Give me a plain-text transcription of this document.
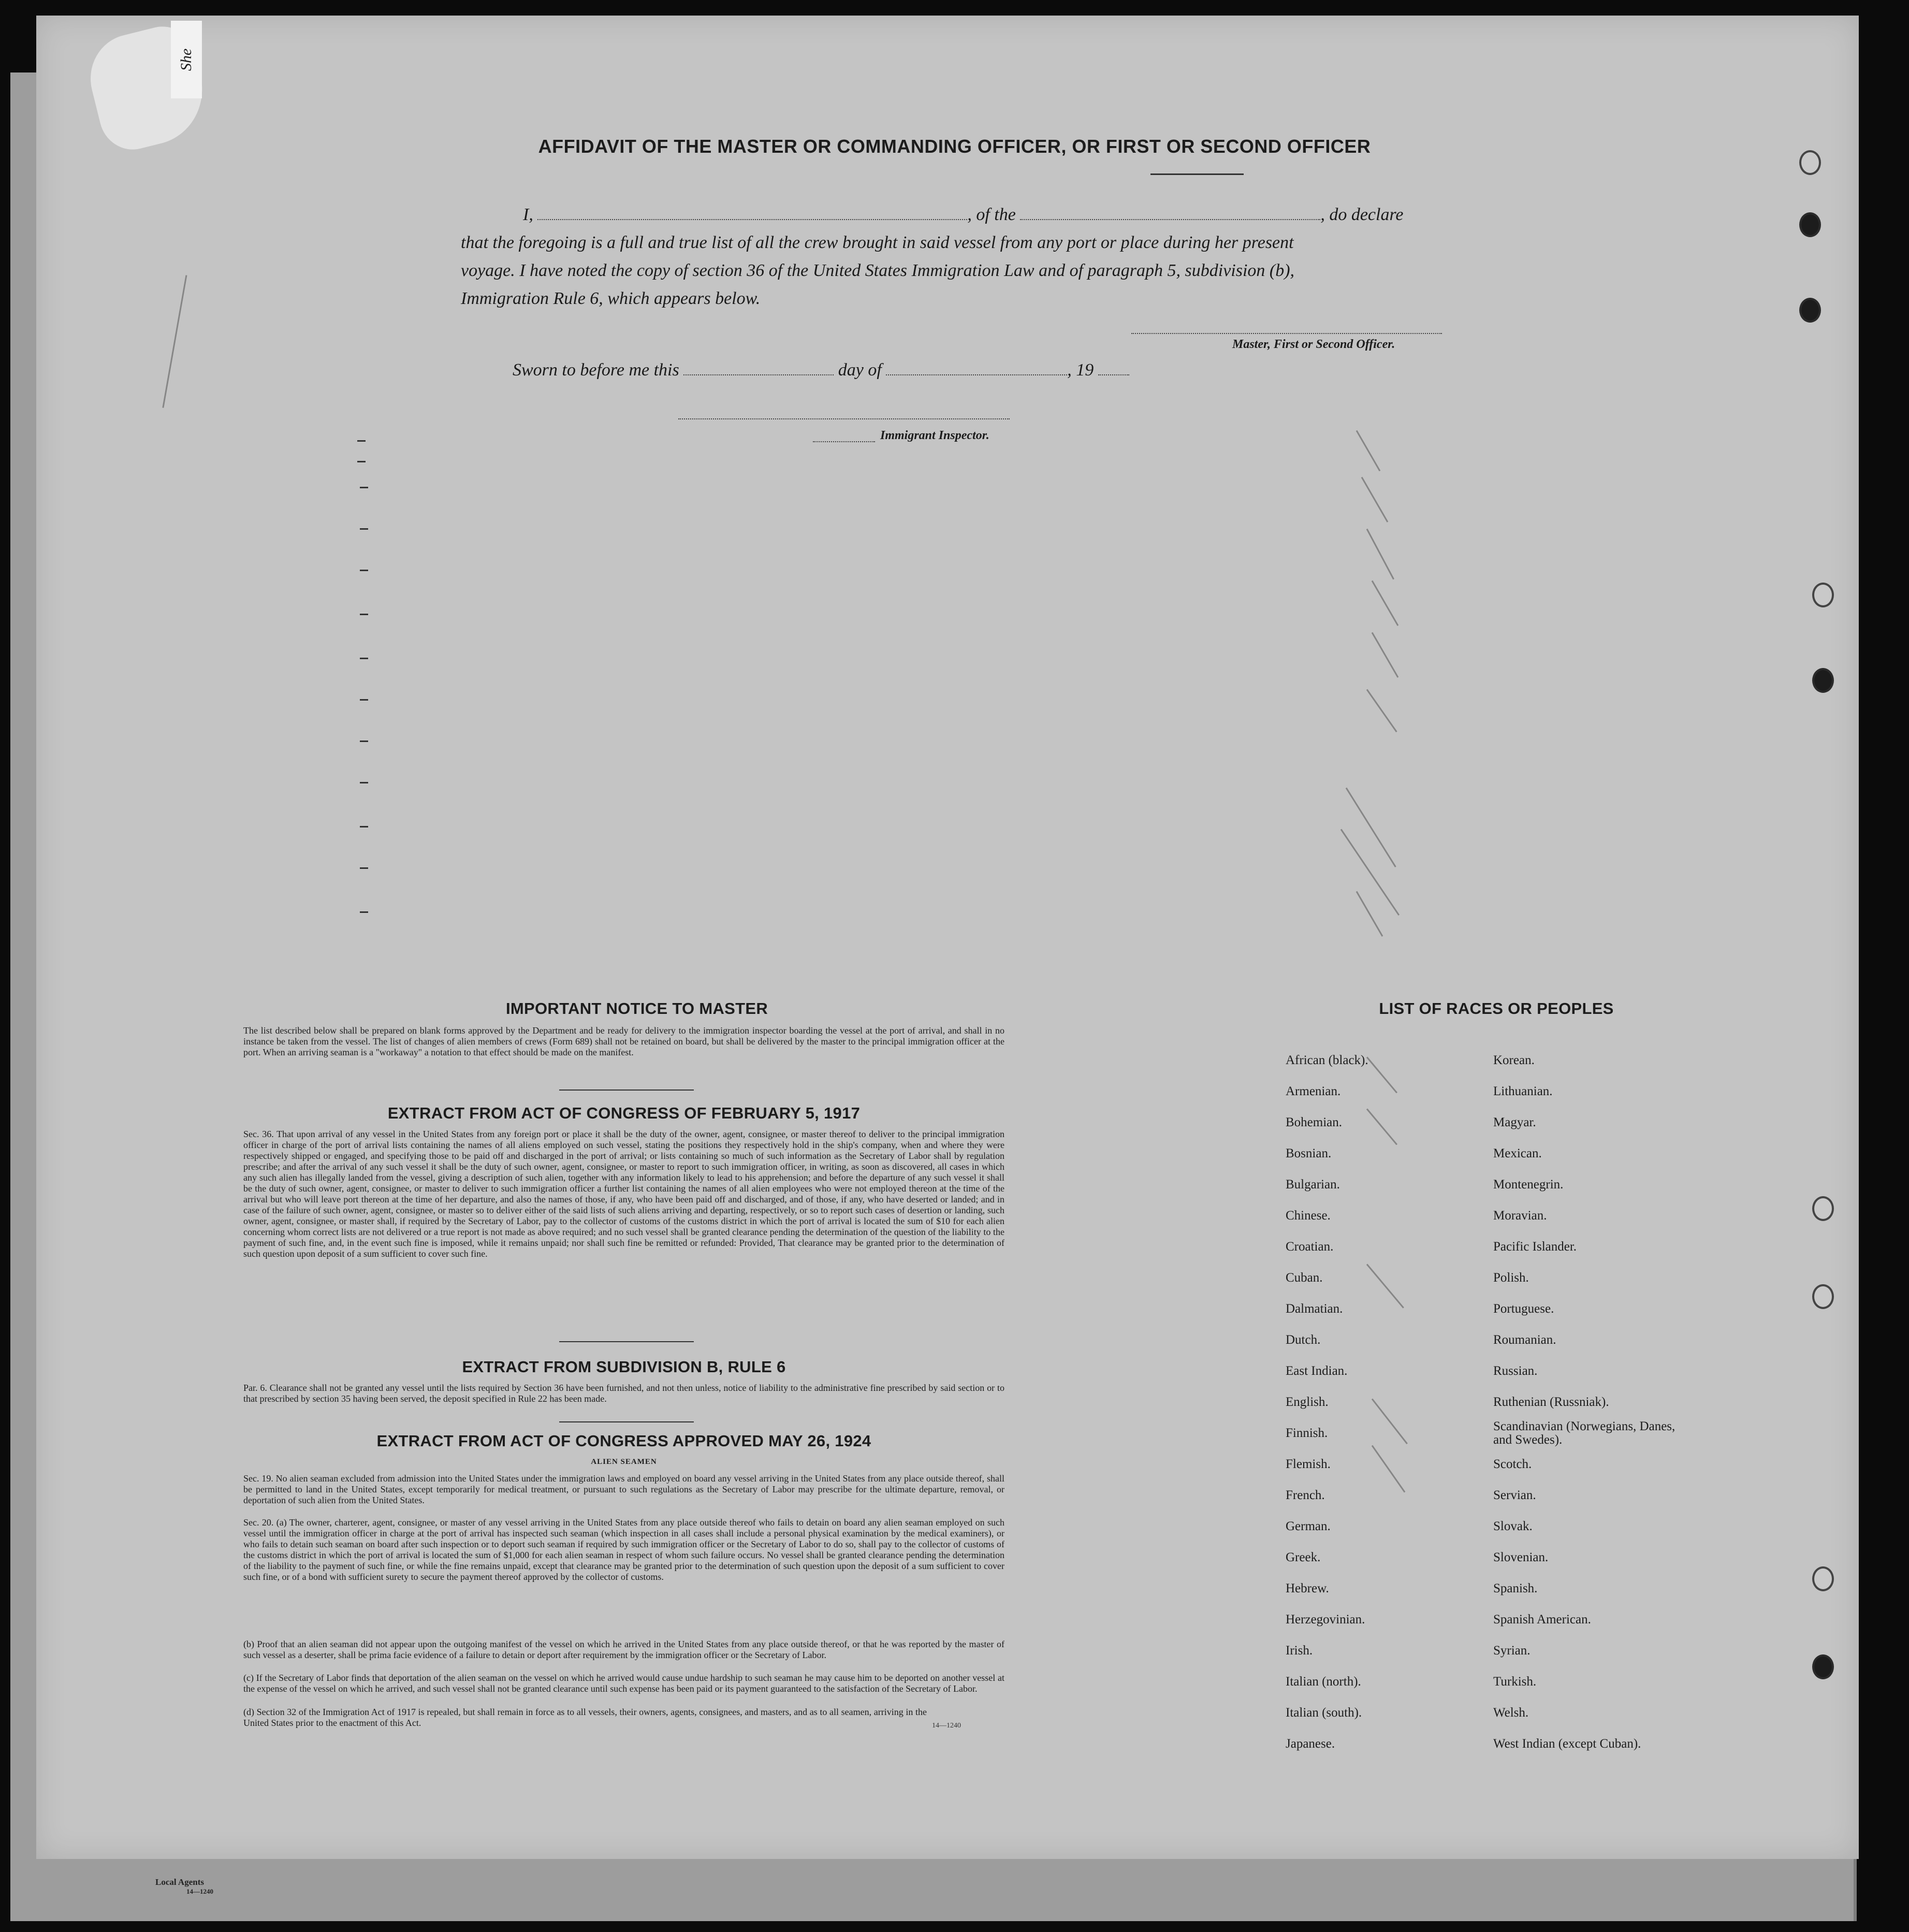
She
AFFIDAVIT OF THE MASTER OR COMMANDING OFFICER, OR FIRST OR SECOND OFFICER
I,	, of the	, do declare
that the foregoing is a full and true list of all the crew brought in said vessel from any port or place during her present
voyage. I have noted the copy of section 36 of the United States Immigration Law and of paragraph 5, subdivision (b),
Immigration Rule 6, which appears below.
Master, First or Second Officer.
Sworn to before me this	day of	, 19
Immigrant Inspector.
IMPORTANT NOTICE TO MASTER
The list described below shall be prepared on blank forms approved by the Department and be ready for delivery to the immigration inspector boarding the vessel at the port of arrival, and shall in no instance be taken from the vessel. The list of changes of alien members of crews (Form 689) shall not be retained on board, but shall be delivered by the master to the principal immigration officer at the port. When an arriving seaman is a "workaway" a notation to that effect should be made on the manifest.
EXTRACT FROM ACT OF CONGRESS OF FEBRUARY 5, 1917
Sec. 36. That upon arrival of any vessel in the United States from any foreign port or place it shall be the duty of the owner, agent, consignee, or master thereof to deliver to the principal immigration officer in charge of the port of arrival lists containing the names of all aliens employed on such vessel, stating the positions they respectively hold in the ship's company, when and where they were respectively shipped or engaged, and specifying those to be paid off and discharged in the port of arrival; or lists containing so much of such information as the Secretary of Labor shall by regulation prescribe; and after the arrival of any such vessel it shall be the duty of such owner, agent, consignee, or master to report to such immigration officer, in writing, as soon as discovered, all cases in which any such alien has illegally landed from the vessel, giving a description of such alien, together with any information likely to lead to his apprehension; and before the departure of any such vessel it shall be the duty of such owner, agent, consignee, or master to deliver to such immigration officer a further list containing the names of all alien employees who were not employed thereon at the time of the arrival but who will leave port thereon at the time of her departure, and also the names of those, if any, who have been paid off and discharged, and of those, if any, who have deserted or landed; and in case of the failure of such owner, agent, consignee, or master so to deliver either of the said lists of such aliens arriving and departing, respectively, or so to report such cases of desertion or landing, such owner, agent, consignee, or master shall, if required by the Secretary of Labor, pay to the collector of customs of the customs district in which the port of arrival is located the sum of $10 for each alien concerning whom correct lists are not delivered or a true report is not made as above required; and no such vessel shall be granted clearance pending the determination of the question of the liability to the payment of such fine, and, in the event such fine is imposed, while it remains unpaid; nor shall such fine be remitted or refunded: Provided, That clearance may be granted prior to the determination of such question upon deposit of a sum sufficient to cover such fine.
EXTRACT FROM SUBDIVISION B, RULE 6
Par. 6. Clearance shall not be granted any vessel until the lists required by Section 36 have been furnished, and not then unless, notice of liability to the administrative fine prescribed by said section or to that prescribed by section 35 having been served, the deposit specified in Rule 22 has been made.
EXTRACT FROM ACT OF CONGRESS APPROVED MAY 26, 1924
ALIEN SEAMEN
Sec. 19. No alien seaman excluded from admission into the United States under the immigration laws and employed on board any vessel arriving in the United States from any place outside thereof, shall be permitted to land in the United States, except temporarily for medical treatment, or pursuant to such regulations as the Secretary of Labor may prescribe for the ultimate departure, removal, or deportation of such alien from the United States.
Sec. 20. (a) The owner, charterer, agent, consignee, or master of any vessel arriving in the United States from any place outside thereof who fails to detain on board any alien seaman employed on such vessel until the immigration officer in charge at the port of arrival has inspected such seaman (which inspection in all cases shall include a personal physical examination by the medical examiners), or who fails to detain such seaman on board after such inspection or to deport such seaman if required by such immigration officer or the Secretary of Labor to do so, shall pay to the collector of customs of the customs district in which the port of arrival is located the sum of $1,000 for each alien seaman in respect of whom such failure occurs. No vessel shall be granted clearance pending the determination of the liability to the payment of such fine, or while the fine remains unpaid, except that clearance may be granted prior to the determination of such question upon the deposit of a sum sufficient to cover such fine, or of a bond with sufficient surety to secure the payment thereof approved by the collector of customs.
(b) Proof that an alien seaman did not appear upon the outgoing manifest of the vessel on which he arrived in the United States from any place outside thereof, or that he was reported by the master of such vessel as a deserter, shall be prima facie evidence of a failure to detain or deport after requirement by the immigration officer or the Secretary of Labor.
(c) If the Secretary of Labor finds that deportation of the alien seaman on the vessel on which he arrived would cause undue hardship to such seaman he may cause him to be deported on another vessel at the expense of the vessel on which he arrived, and such vessel shall not be granted clearance until such expense has been paid or its payment guaranteed to the satisfaction of the Secretary of Labor.
(d) Section 32 of the Immigration Act of 1917 is repealed, but shall remain in force as to all vessels, their owners, agents, consignees, and masters, and as to all seamen, arriving in the United States prior to the enactment of this Act.	14—1240
LIST OF RACES OR PEOPLES
African (black).
Armenian.
Bohemian.
Bosnian.
Bulgarian.
Chinese.
Croatian.
Cuban.
Dalmatian.
Dutch.
East Indian.
English.
Finnish.
Flemish.
French.
German.
Greek.
Hebrew.
Herzegovinian.
Irish.
Italian (north).
Italian (south).
Japanese.
Korean.
Lithuanian.
Magyar.
Mexican.
Montenegrin.
Moravian.
Pacific Islander.
Polish.
Portuguese.
Roumanian.
Russian.
Ruthenian (Russniak).
Scandinavian (Norwegians, Danes, and Swedes).
Scotch.
Servian.
Slovak.
Slovenian.
Spanish.
Spanish American.
Syrian.
Turkish.
Welsh.
West Indian (except Cuban).
Local Agents
14—1240
